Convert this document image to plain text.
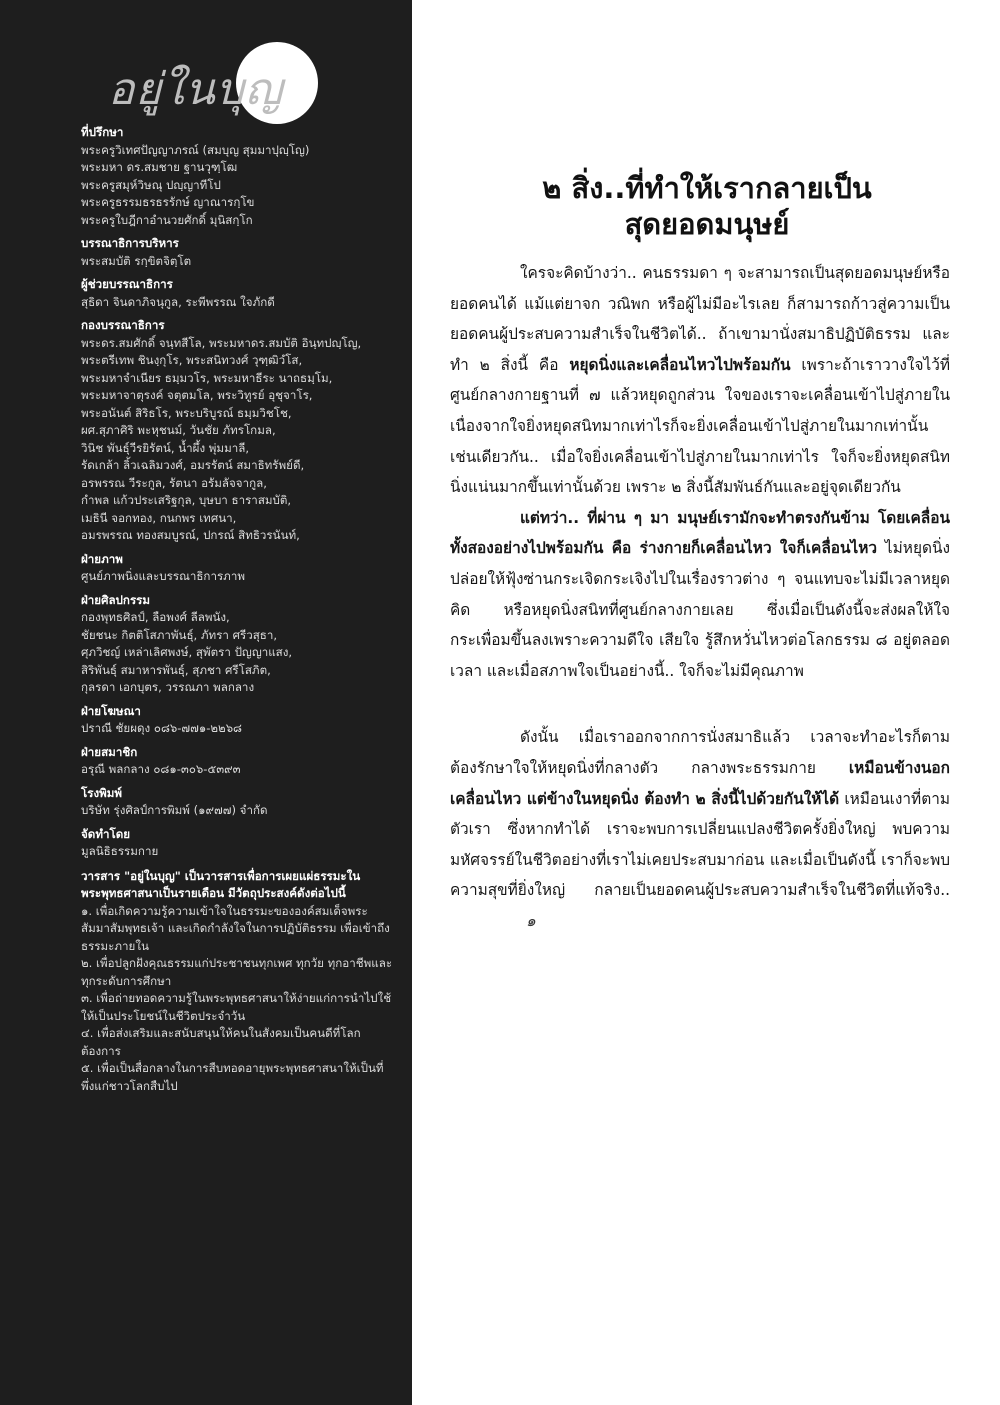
อยู่ในบุญ
ที่ปรึกษา
พระครูวิเทศปัญญาภรณ์ (สมบุญ สุมมาปุญฺโญ)
พระมหา ดร.สมชาย ฐานวุฑฺโฒ
พระครูสมุห์วิษณุ ปญฺญาทีโป
พระครูธรรมธรธรรักษ์ ญาณารกฺโข
พระครูใบฎีกาอำนวยศักดิ์ มุนิสกฺโก
บรรณาธิการบริหาร
พระสมบัติ รกฺขิตจิตฺโต
ผู้ช่วยบรรณาธิการ
สุธิดา จินดาภิจนุกูล, ระพีพรรณ ใจภักดี
กองบรรณาธิการ
พระดร.สมศักดิ์ จนฺทสีโล, พระมหาดร.สมบัติ อินฺทปญฺโญ,
พระตรีเทพ ชินงฺกุโร, พระสนิทวงศ์ วุฑฺฒิวํโส,
พระมหาจำเนียร ธมฺมวโร, พระมหาธีระ นาถธมฺโม,
พระมหาจาตุรงค์ จตุตมโล, พระวิทูรย์ อุชุจาโร,
พระอนันต์ สิริธโร, พระบริบูรณ์ ธมฺมวิชโช,
ผศ.สุภาศิริ พะหุชนม์, วันชัย ภัทรโกมล,
วินิช พันธ์ุวีรยิรัตน์, น้ำผึ้ง พุ่มมาลี,
รัดเกล้า ลิ้วเฉลิมวงศ์, อมรรัตน์ สมาธิทรัพย์ดี,
อรพรรณ วีระกูล, รัตนา อรัมลัจจากูล,
กำพล แก้วประเสริฐกุล, บุษบา ธาราสมบัติ,
เมธินี จอกทอง, กนกพร เทศนา,
อมรพรรณ ทองสมบูรณ์, ปกรณ์ สิทธิวรนันท์,
ฝ่ายภาพ
ศูนย์ภาพนิ่งและบรรณาธิการภาพ
ฝ่ายศิลปกรรม
กองพุทธศิลป์, ลือพงศ์ ลีลพนัง,
ชัยชนะ กิตติโสภาพันธุ์, ภัทรา ศรีวสุธา,
ศุภวิชญ์ เหล่าเลิศพงษ์, สุพัตรา ปัญญาแสง,
สิริพันธุ์ สมาหารพันธุ์, สุภชา ศรีโสภิต,
กุลรดา เอกบุตร, วรรณภา พลกลาง
ฝ่ายโฆษณา
ปราณี ชัยผดุง ๐๘๖-๗๗๑-๒๒๖๘
ฝ่ายสมาชิก
อรุณี พลกลาง ๐๘๑-๓๐๖-๕๓๙๓
โรงพิมพ์
บริษัท รุ่งศิลป์การพิมพ์ (๑๙๗๗) จำกัด
จัดทำโดย
มูลนิธิธรรมกาย
วารสาร "อยู่ในบุญ" เป็นวารสารเพื่อการเผยแผ่ธรรมะในพระพุทธศาสนาเป็นรายเดือน มีวัตถุประสงค์ดังต่อไปนี้
๑. เพื่อเกิดความรู้ความเข้าใจในธรรมะขององค์สมเด็จพระสัมมาสัมพุทธเจ้า และเกิดกำลังใจในการปฏิบัติธรรม เพื่อเข้าถึงธรรมะภายใน
๒. เพื่อปลูกฝังคุณธรรมแก่ประชาชนทุกเพศ ทุกวัย ทุกอาชีพและทุกระดับการศึกษา
๓. เพื่อถ่ายทอดความรู้ในพระพุทธศาสนาให้ง่ายแก่การนำไปใช้ให้เป็นประโยชน์ในชีวิตประจำวัน
๔. เพื่อส่งเสริมและสนับสนุนให้คนในสังคมเป็นคนดีที่โลกต้องการ
๕. เพื่อเป็นสื่อกลางในการสืบทอดอายุพระพุทธศาสนาให้เป็นที่พึ่งแก่ชาวโลกสืบไป
๒ สิ่ง..ที่ทำให้เรากลายเป็น
สุดยอดมนุษย์

ใครจะคิดบ้างว่า.. คนธรรมดา ๆ จะสามารถเป็นสุดยอดมนุษย์หรือยอดคนได้ แม้แต่ยาจก วณิพก หรือผู้ไม่มีอะไรเลย ก็สามารถก้าวสู่ความเป็นยอดคนผู้ประสบความสำเร็จในชีวิตได้.. ถ้าเขามานั่งสมาธิปฏิบัติธรรม และทำ ๒ สิ่งนี้ คือ หยุดนิ่งและเคลื่อนไหวไปพร้อมกัน เพราะถ้าเราวางใจไว้ที่ศูนย์กลางกายฐานที่ ๗ แล้วหยุดถูกส่วน ใจของเราจะเคลื่อนเข้าไปสู่ภายใน เนื่องจากใจยิ่งหยุดสนิทมากเท่าไรก็จะยิ่งเคลื่อนเข้าไปสู่ภายในมากเท่านั้น เช่นเดียวกัน.. เมื่อใจยิ่งเคลื่อนเข้าไปสู่ภายในมากเท่าไร ใจก็จะยิ่งหยุดสนิทนิ่งแน่นมากขึ้นเท่านั้นด้วย เพราะ ๒ สิ่งนี้สัมพันธ์กันและอยู่จุดเดียวกัน

แต่ทว่า.. ที่ผ่าน ๆ มา มนุษย์เรามักจะทำตรงกันข้าม โดยเคลื่อนทั้งสองอย่างไปพร้อมกัน คือ ร่างกายก็เคลื่อนไหว ใจก็เคลื่อนไหว ไม่หยุดนิ่ง ปล่อยให้ฟุ้งซ่านกระเจิดกระเจิงไปในเรื่องราวต่าง ๆ จนแทบจะไม่มีเวลาหยุดคิด หรือหยุดนิ่งสนิทที่ศูนย์กลางกายเลย ซึ่งเมื่อเป็นดังนี้จะส่งผลให้ใจกระเพื่อมขึ้นลงเพราะความดีใจ เสียใจ รู้สึกหวั่นไหวต่อโลกธรรม ๘ อยู่ตลอดเวลา และเมื่อสภาพใจเป็นอย่างนี้.. ใจก็จะไม่มีคุณภาพ

ดังนั้น เมื่อเราออกจากการนั่งสมาธิแล้ว เวลาจะทำอะไรก็ตาม ต้องรักษาใจให้หยุดนิ่งที่กลางตัว กลางพระธรรมกาย เหมือนข้างนอกเคลื่อนไหว แต่ข้างในหยุดนิ่ง ต้องทำ ๒ สิ่งนี้ไปด้วยกันให้ได้ เหมือนเงาที่ตามตัวเรา ซึ่งหากทำได้ เราจะพบการเปลี่ยนแปลงชีวิตครั้งยิ่งใหญ่ พบความมหัศจรรย์ในชีวิตอย่างที่เราไม่เคยประสบมาก่อน และเมื่อเป็นดังนี้ เราก็จะพบความสุขที่ยิ่งใหญ่ กลายเป็นยอดคนผู้ประสบความสำเร็จในชีวิตที่แท้จริง..๑
